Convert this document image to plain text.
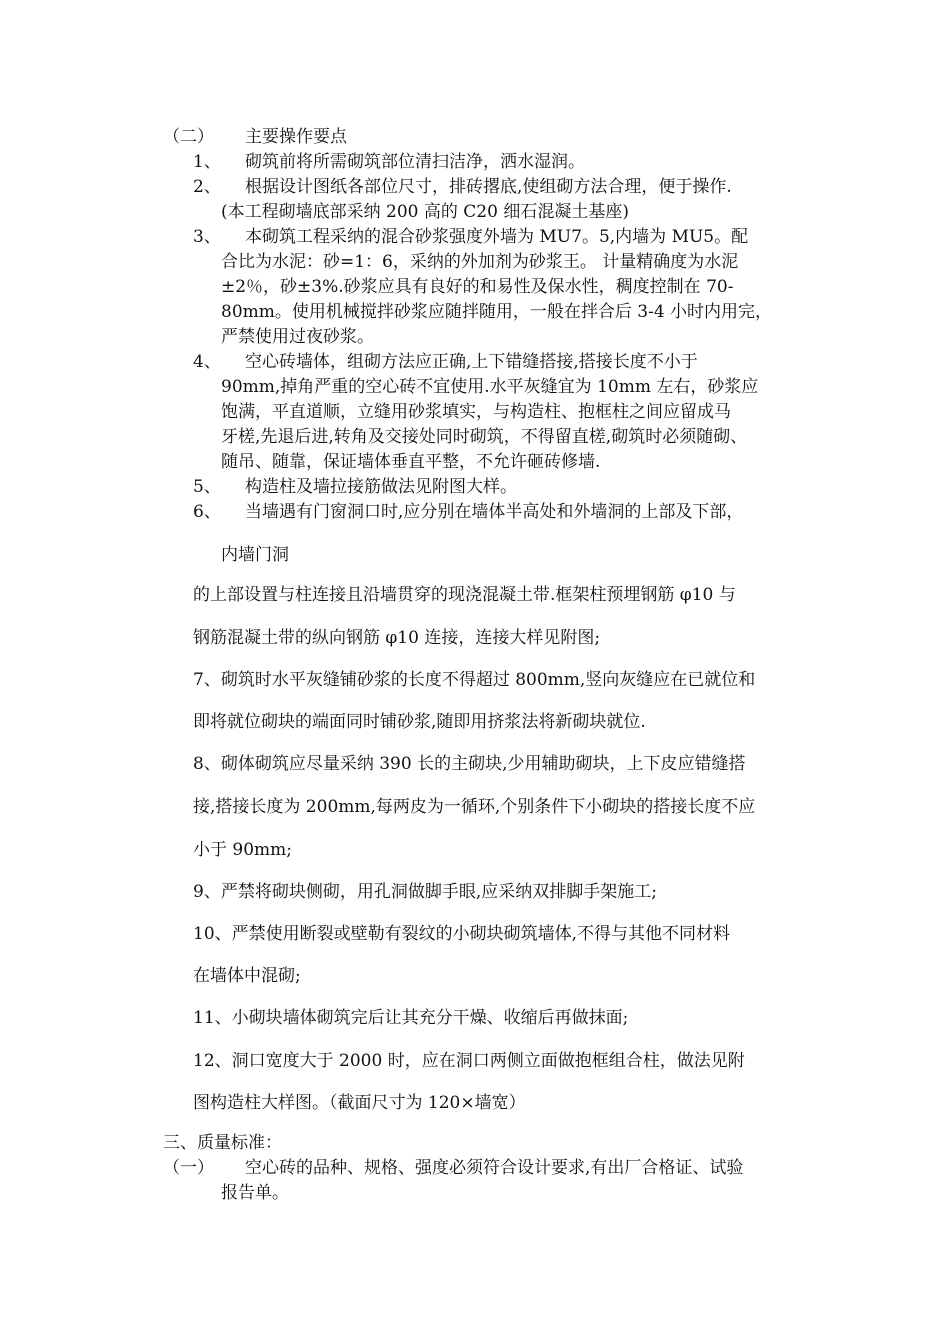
（二） 主要操作要点
1、 砌筑前将所需砌筑部位清扫洁净，洒水湿润。
2、 根据设计图纸各部位尺寸，排砖撂底,使组砌方法合理，便于操作.
(本工程砌墙底部采纳 200 高的 C20 细石混凝土基座)
3、 本砌筑工程采纳的混合砂浆强度外墙为 MU7。5,内墙为 MU5。配
合比为水泥：砂=1：6，采纳的外加剂为砂浆王。 计量精确度为水泥
±2％，砂±3%.砂浆应具有良好的和易性及保水性，稠度控制在 70-
80mm。使用机械搅拌砂浆应随拌随用，一般在拌合后 3-4 小时内用完，
严禁使用过夜砂浆。
4、 空心砖墙体，组砌方法应正确,上下错缝搭接,搭接长度不小于
90mm,掉角严重的空心砖不宜使用.水平灰缝宜为 10mm 左右，砂浆应
饱满，平直道顺，立缝用砂浆填实，与构造柱、抱框柱之间应留成马
牙槎,先退后进,转角及交接处同时砌筑，不得留直槎,砌筑时必须随砌、
随吊、随靠，保证墙体垂直平整，不允许砸砖修墙.
5、 构造柱及墙拉接筋做法见附图大样。
6、 当墙遇有门窗洞口时,应分别在墙体半高处和外墙洞的上部及下部，
内墙门洞
的上部设置与柱连接且沿墙贯穿的现浇混凝土带.框架柱预埋钢筋 φ10 与
钢筋混凝土带的纵向钢筋 φ10 连接，连接大样见附图;
7、砌筑时水平灰缝铺砂浆的长度不得超过 800mm,竖向灰缝应在已就位和
即将就位砌块的端面同时铺砂浆,随即用挤浆法将新砌块就位.
8、砌体砌筑应尽量采纳 390 长的主砌块,少用辅助砌块，上下皮应错缝搭
接,搭接长度为 200mm,每两皮为一循环,个别条件下小砌块的搭接长度不应
小于 90mm;
9、严禁将砌块侧砌，用孔洞做脚手眼,应采纳双排脚手架施工;
10、严禁使用断裂或壁勒有裂纹的小砌块砌筑墙体,不得与其他不同材料
在墙体中混砌;
11、小砌块墙体砌筑完后让其充分干燥、收缩后再做抹面;
12、洞口宽度大于 2000 时，应在洞口两侧立面做抱框组合柱，做法见附
图构造柱大样图。（截面尺寸为 120×墙宽）
三、质量标准：
（一） 空心砖的品种、规格、强度必须符合设计要求,有出厂合格证、试验
报告单。
